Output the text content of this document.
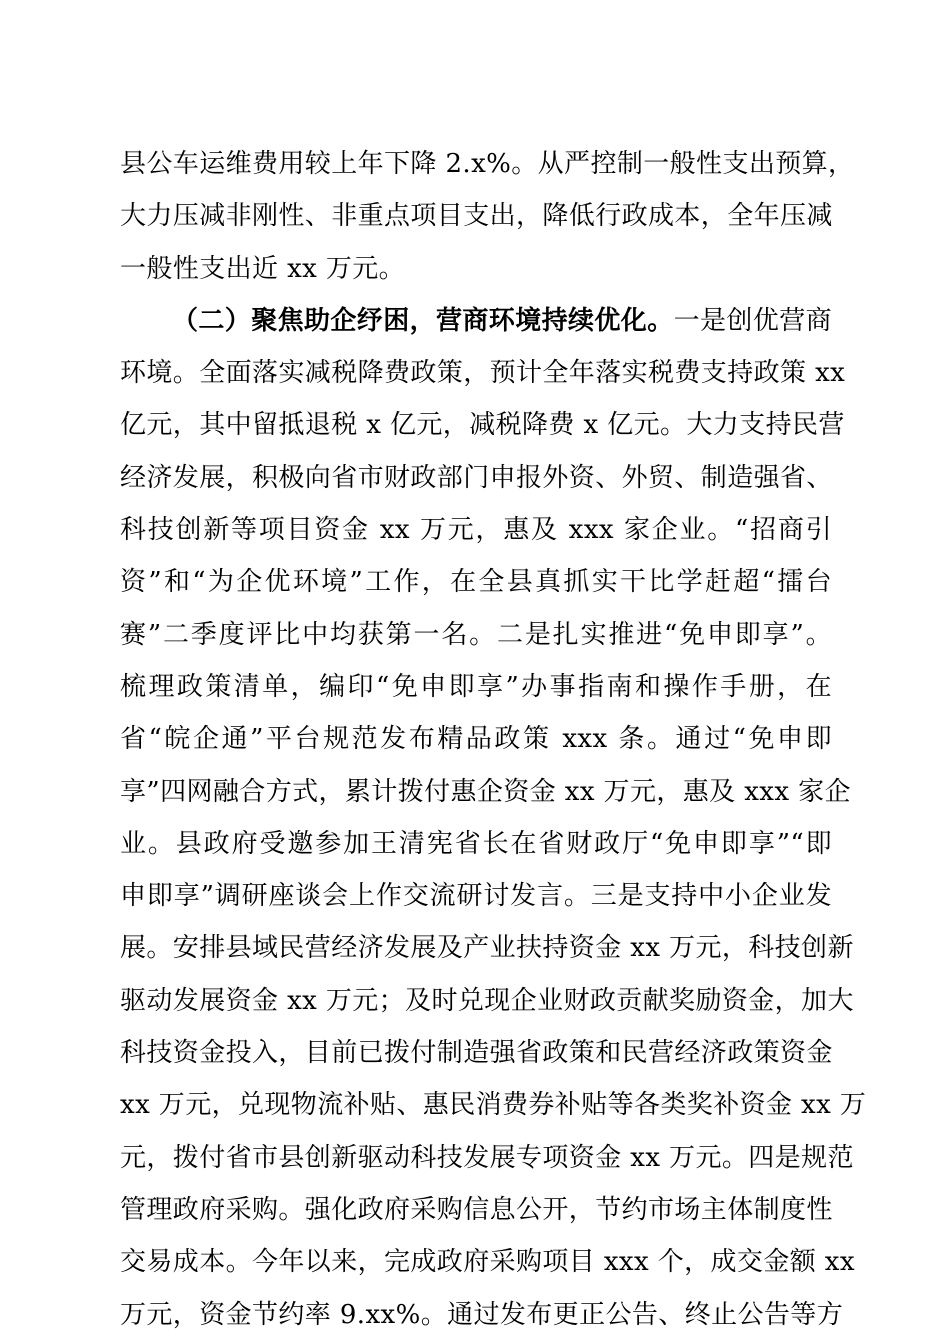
县公车运维费用较上年下降 2.x%。从严控制一般性支出预算，
大力压减非刚性、非重点项目支出，降低行政成本，全年压减
一般性支出近 xx 万元。
（二）聚焦助企纾困，营商环境持续优化。一是创优营商
环境。全面落实减税降费政策，预计全年落实税费支持政策 xx
亿元，其中留抵退税 x 亿元，减税降费 x 亿元。大力支持民营
经济发展，积极向省市财政部门申报外资、外贸、制造强省、
科技创新等项目资金 xx 万元，惠及 xxx 家企业。“招商引
资”和“为企优环境”工作，在全县真抓实干比学赶超“擂台
赛”二季度评比中均获第一名。二是扎实推进“免申即享”。
梳理政策清单，编印“免申即享”办事指南和操作手册，在
省“皖企通”平台规范发布精品政策 xxx 条。通过“免申即
享”四网融合方式，累计拨付惠企资金 xx 万元，惠及 xxx 家企
业。县政府受邀参加王清宪省长在省财政厅“免申即享”“即
申即享”调研座谈会上作交流研讨发言。三是支持中小企业发
展。安排县域民营经济发展及产业扶持资金 xx 万元，科技创新
驱动发展资金 xx 万元；及时兑现企业财政贡献奖励资金，加大
科技资金投入，目前已拨付制造强省政策和民营经济政策资金
xx 万元，兑现物流补贴、惠民消费券补贴等各类奖补资金 xx 万
元，拨付省市县创新驱动科技发展专项资金 xx 万元。四是规范
管理政府采购。强化政府采购信息公开，节约市场主体制度性
交易成本。今年以来，完成政府采购项目 xxx 个，成交金额 xx
万元，资金节约率 9.xx%。通过发布更正公告、终止公告等方
